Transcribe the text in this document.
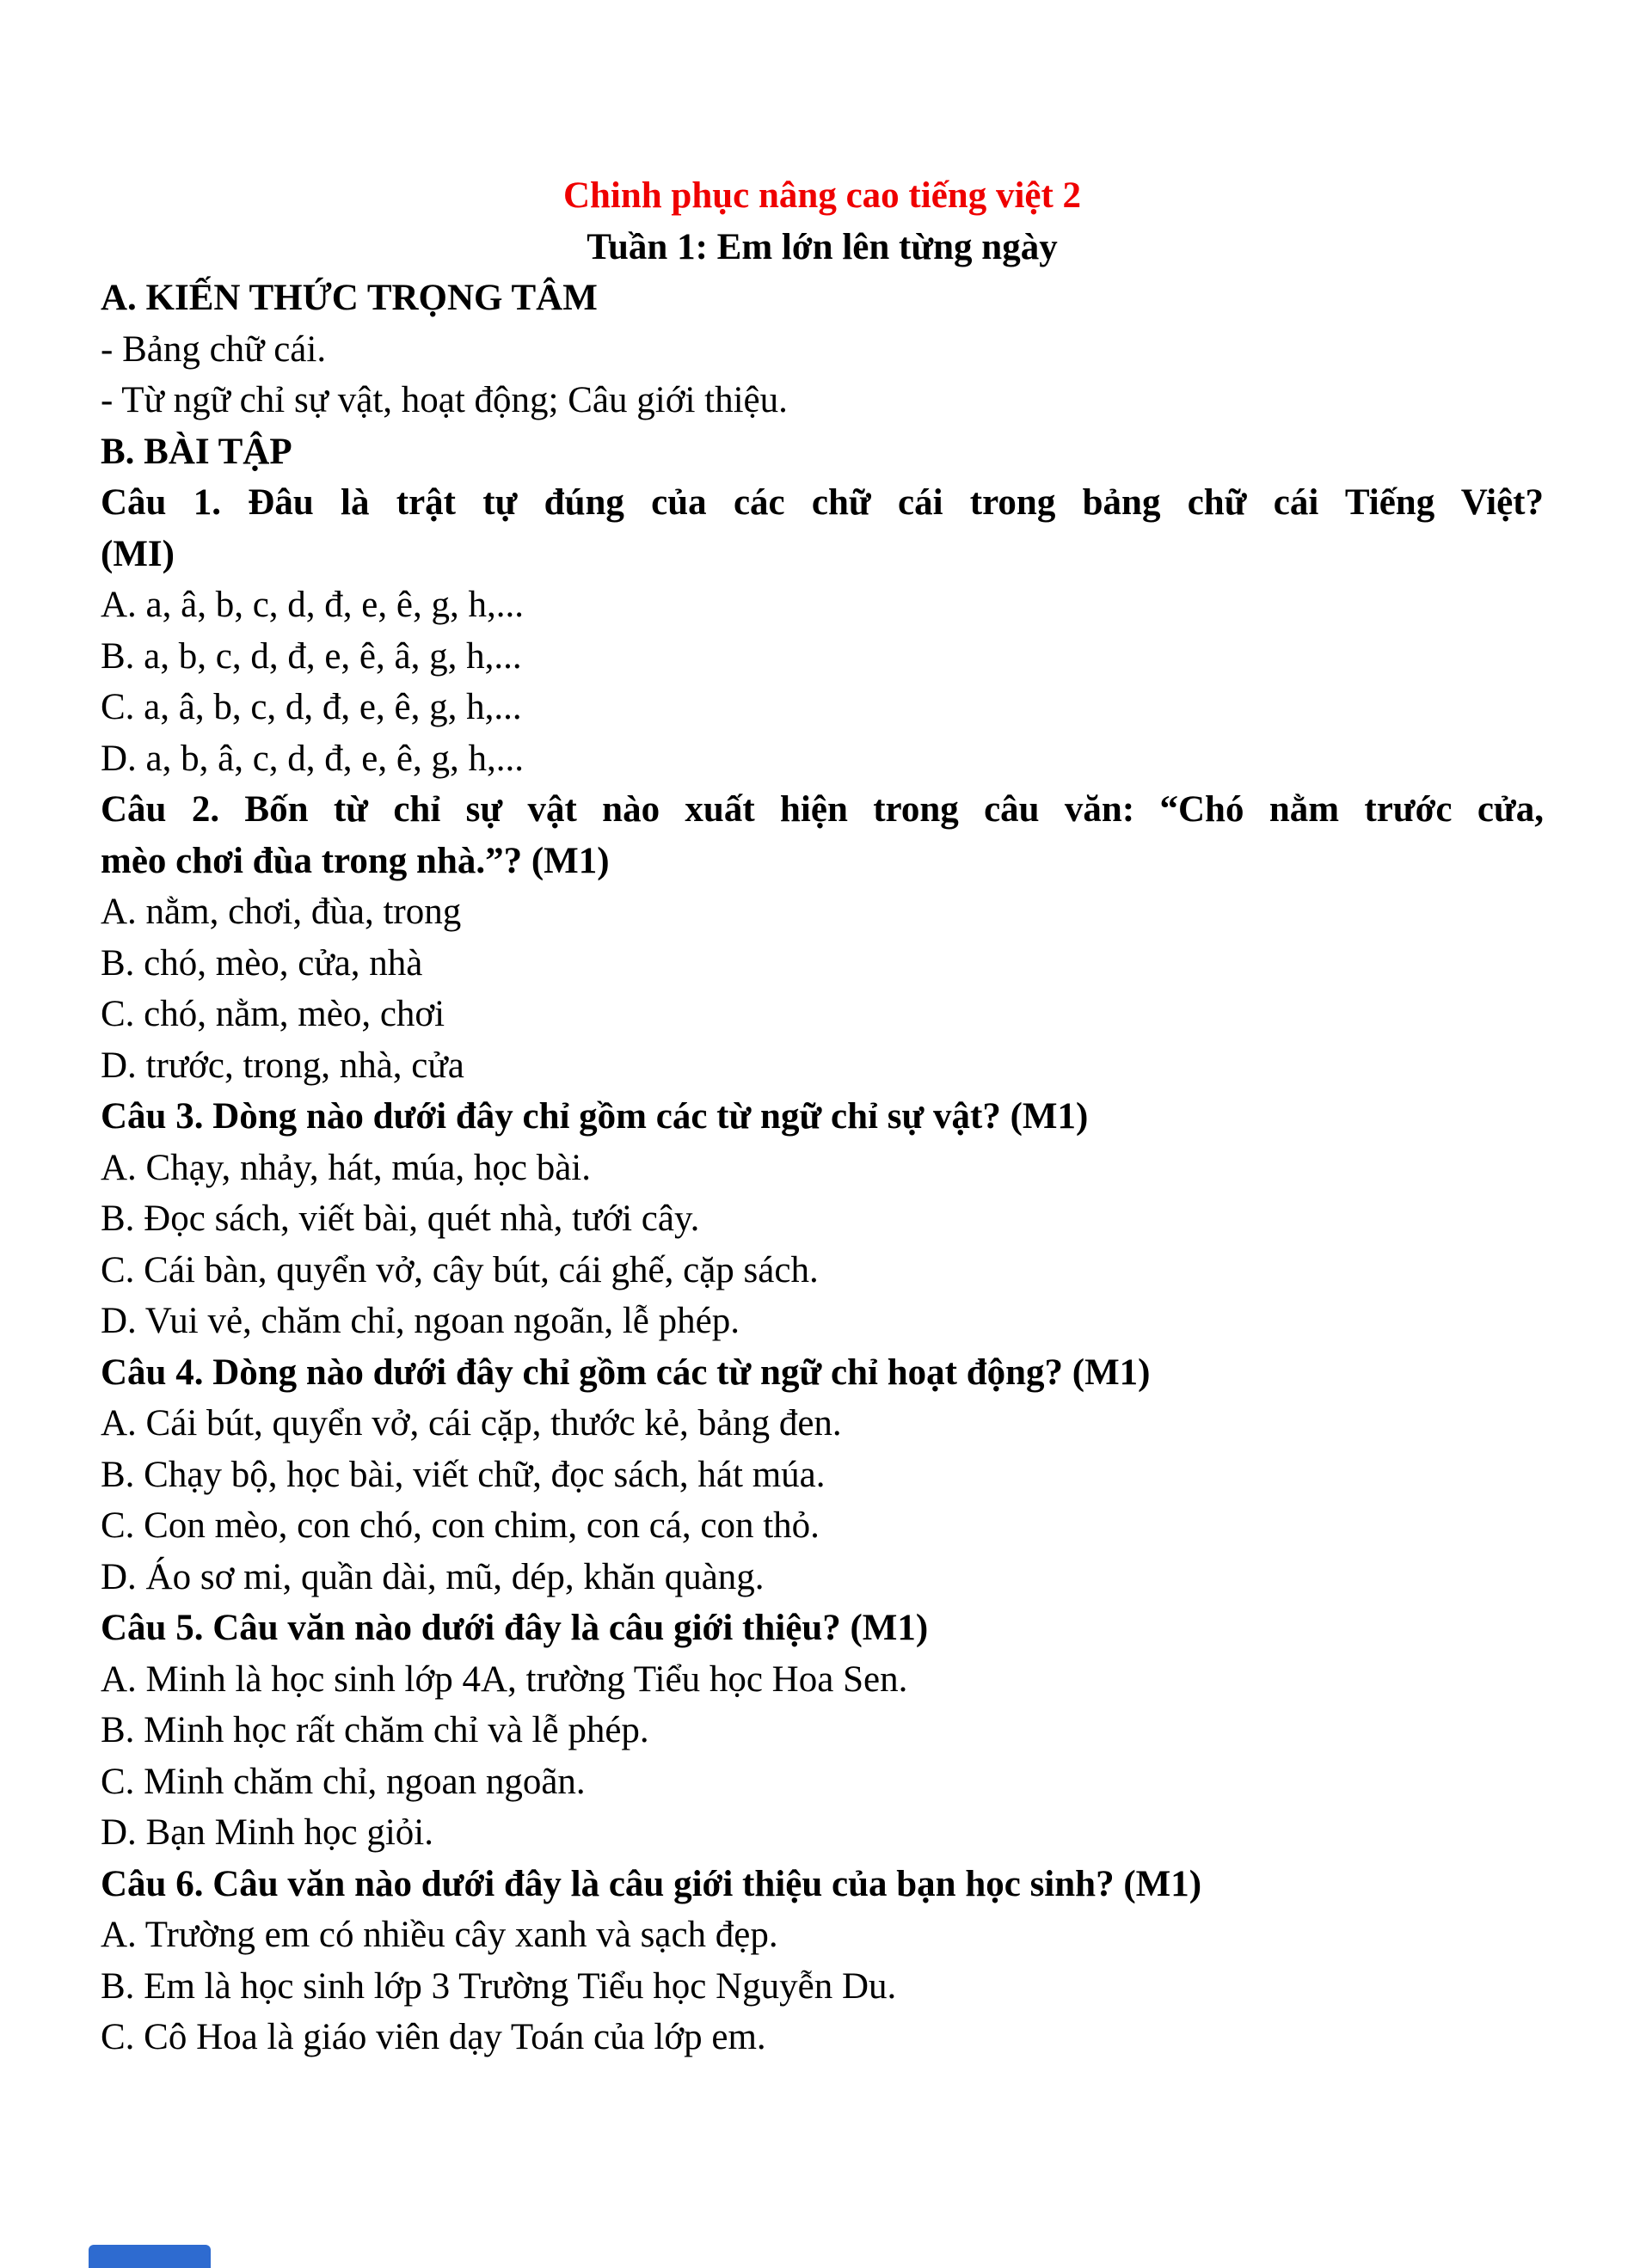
Chinh phục nâng cao tiếng việt 2
Tuần 1: Em lớn lên từng ngày
A. KIẾN THỨC TRỌNG TÂM
- Bảng chữ cái.
- Từ ngữ chỉ sự vật, hoạt động; Câu giới thiệu.
B. BÀI TẬP
Câu 1. Đâu là trật tự đúng của các chữ cái trong bảng chữ cái Tiếng Việt?
(MI)
A. a, â, b, c, d, đ, e, ê, g, h,...
B. a, b, c, d, đ, e, ê, â, g, h,...
C. a, â, b, c, d, đ, e, ê, g, h,...
D. a, b, â, c, d, đ, e, ê, g, h,...
Câu 2. Bốn từ chỉ sự vật nào xuất hiện trong câu văn: “Chó nằm trước cửa,
mèo chơi đùa trong nhà.”? (M1)
A. nằm, chơi, đùa, trong
B. chó, mèo, cửa, nhà
C. chó, nằm, mèo, chơi
D. trước, trong, nhà, cửa
Câu 3. Dòng nào dưới đây chỉ gồm các từ ngữ chỉ sự vật? (M1)
A. Chạy, nhảy, hát, múa, học bài.
B. Đọc sách, viết bài, quét nhà, tưới cây.
C. Cái bàn, quyển vở, cây bút, cái ghế, cặp sách.
D. Vui vẻ, chăm chỉ, ngoan ngoãn, lễ phép.
Câu 4. Dòng nào dưới đây chỉ gồm các từ ngữ chỉ hoạt động? (M1)
A. Cái bút, quyển vở, cái cặp, thước kẻ, bảng đen.
B. Chạy bộ, học bài, viết chữ, đọc sách, hát múa.
C. Con mèo, con chó, con chim, con cá, con thỏ.
D. Áo sơ mi, quần dài, mũ, dép, khăn quàng.
Câu 5. Câu văn nào dưới đây là câu giới thiệu? (M1)
A. Minh là học sinh lớp 4A, trường Tiểu học Hoa Sen.
B. Minh học rất chăm chỉ và lễ phép.
C. Minh chăm chỉ, ngoan ngoãn.
D. Bạn Minh học giỏi.
Câu 6. Câu văn nào dưới đây là câu giới thiệu của bạn học sinh? (M1)
A. Trường em có nhiều cây xanh và sạch đẹp.
B. Em là học sinh lớp 3 Trường Tiểu học Nguyễn Du.
C. Cô Hoa là giáo viên dạy Toán của lớp em.
